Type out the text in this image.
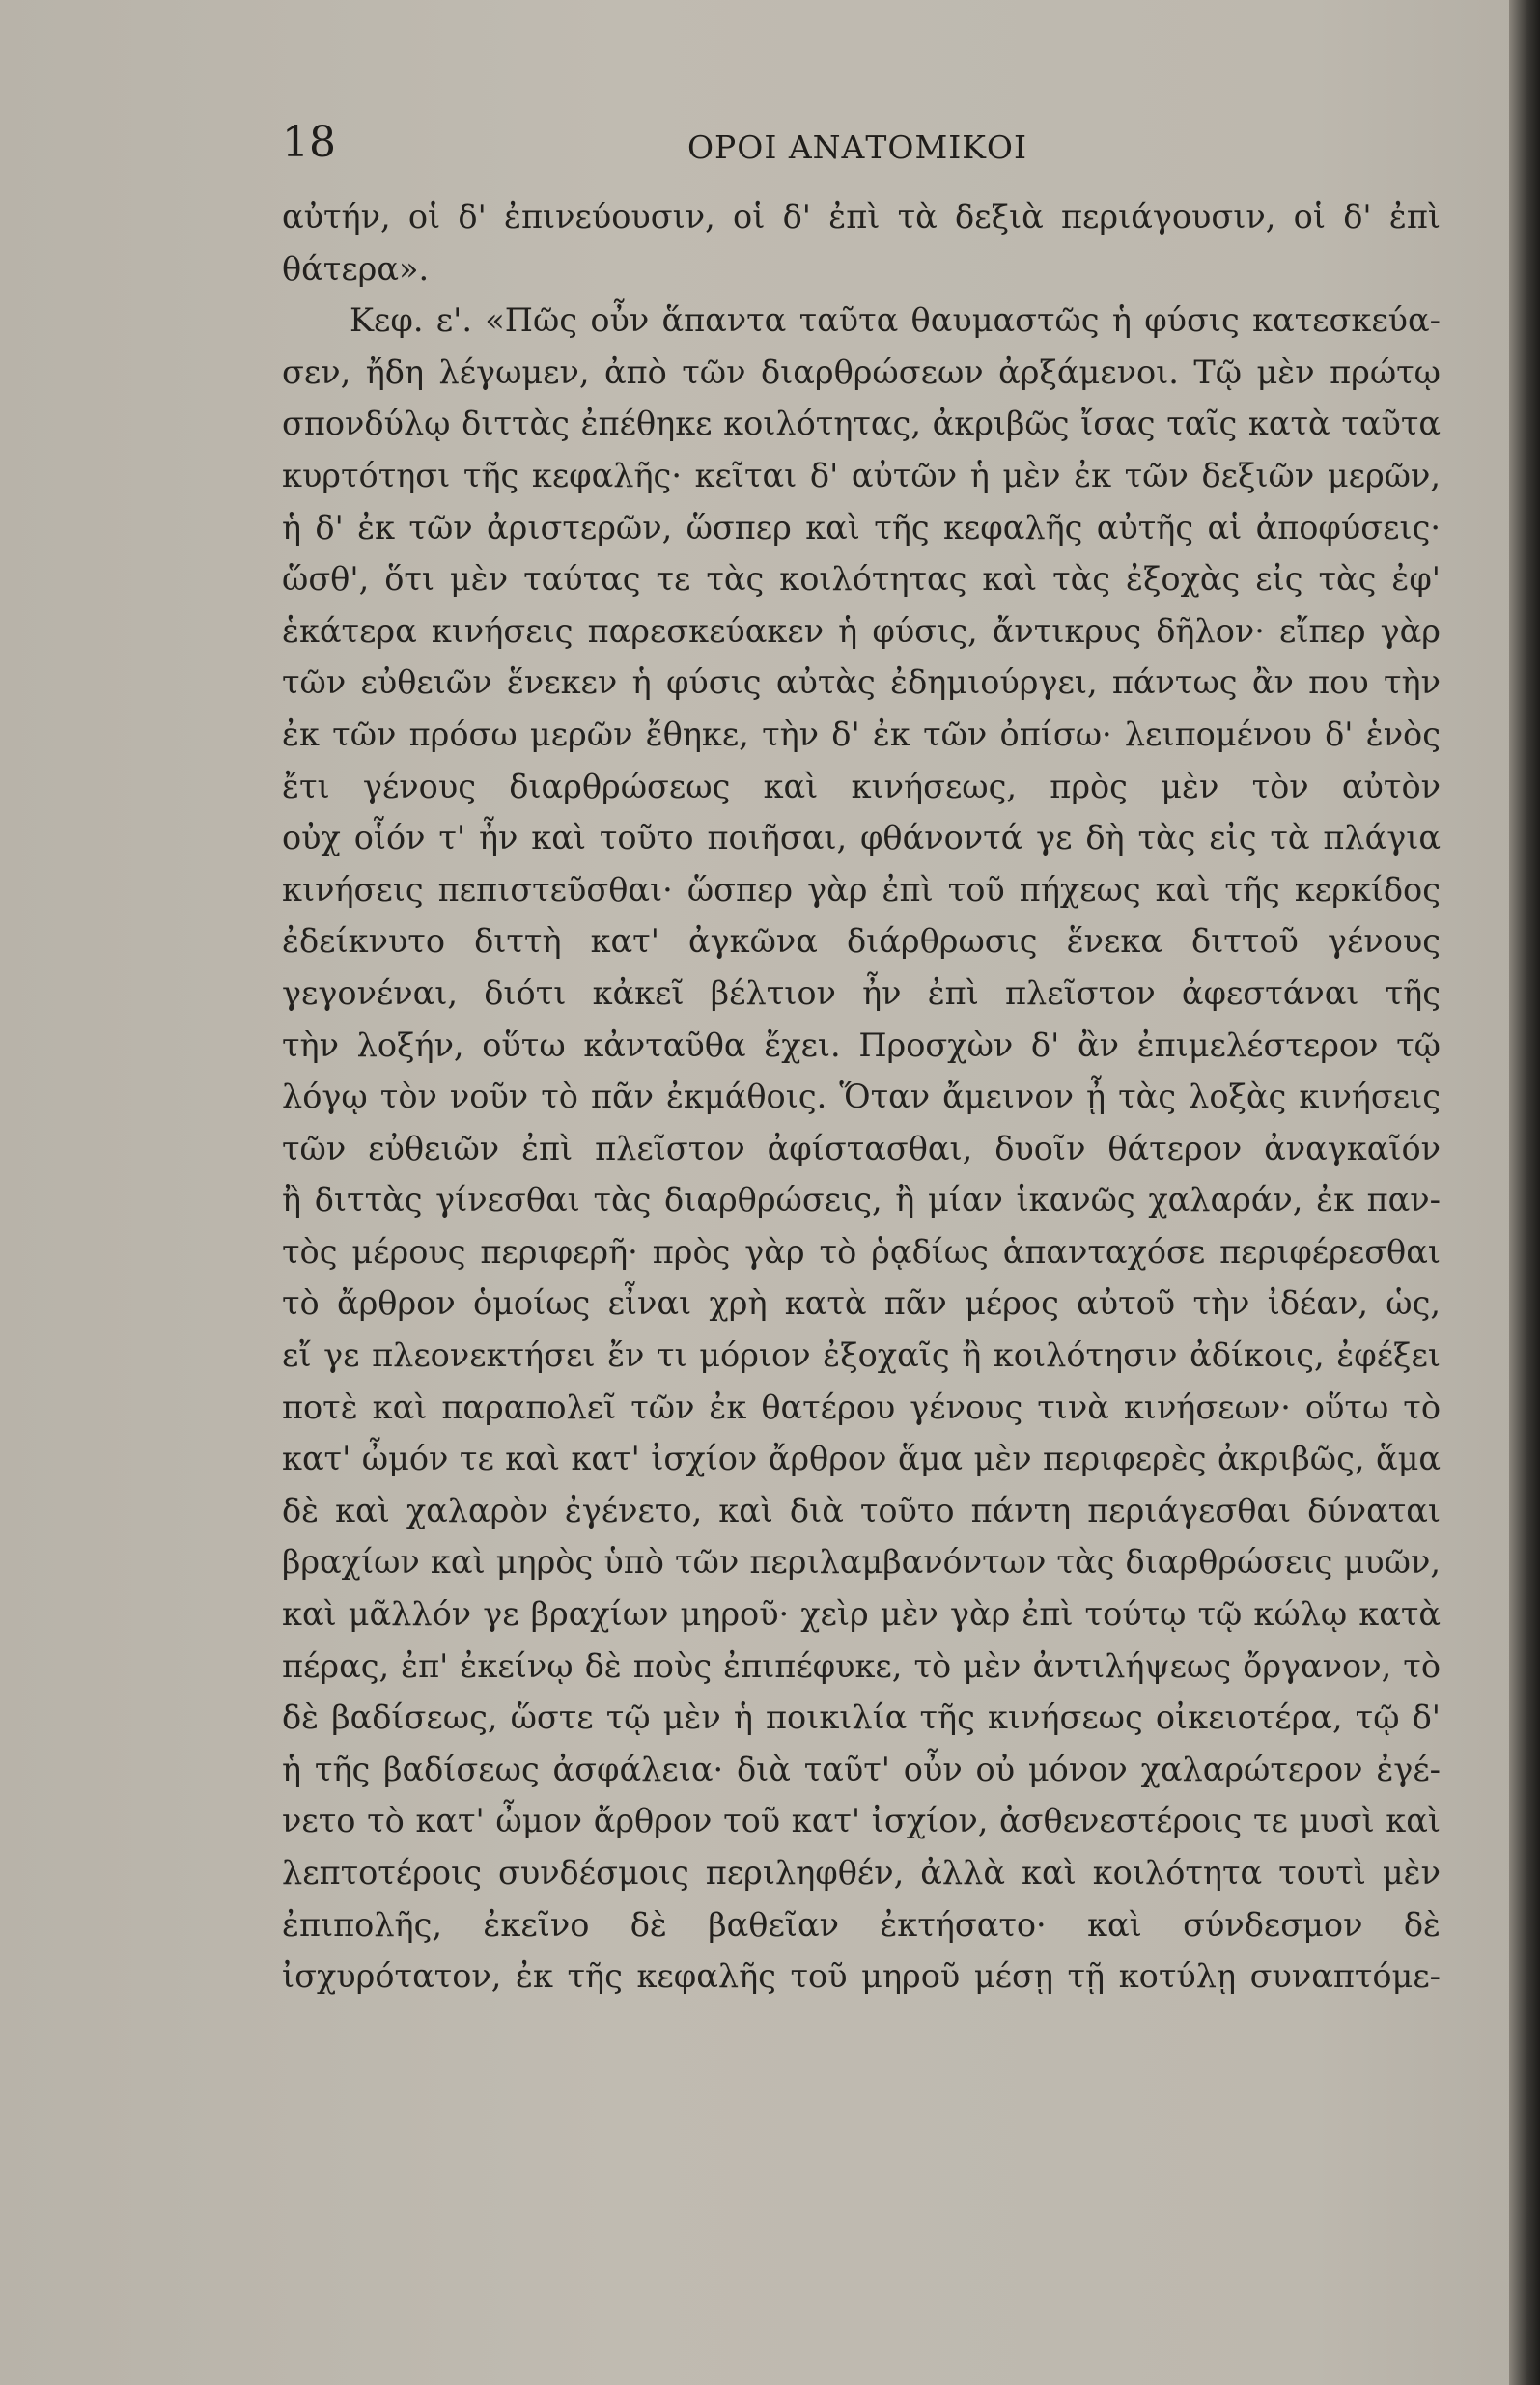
18	ΟΡΟΙ ΑΝΑΤΟΜΙΚΟΙ
αὐτήν, οἱ δ' ἐπινεύουσιν, οἱ δ' ἐπὶ τὰ δεξιὰ περιάγουσιν, οἱ δ' ἐπὶ
θάτερα».
Κεφ. ε'. «Πῶς οὖν ἅπαντα ταῦτα θαυμαστῶς ἡ φύσις κατεσκεύα-
σεν, ἤδη λέγωμεν, ἀπὸ τῶν διαρθρώσεων ἀρξάμενοι. Τῷ μὲν πρώτῳ
σπονδύλῳ διττὰς ἐπέθηκε κοιλότητας, ἀκριβῶς ἴσας ταῖς κατὰ ταῦτα
κυρτότησι τῆς κεφαλῆς· κεῖται δ' αὐτῶν ἡ μὲν ἐκ τῶν δεξιῶν μερῶν,
ἡ δ' ἐκ τῶν ἀριστερῶν, ὥσπερ καὶ τῆς κεφαλῆς αὐτῆς αἱ ἀποφύσεις·
ὥσθ', ὅτι μὲν ταύτας τε τὰς κοιλότητας καὶ τὰς ἐξοχὰς εἰς τὰς ἐφ'
ἑκάτερα κινήσεις παρεσκεύακεν ἡ φύσις, ἄντικρυς δῆλον· εἴπερ γὰρ
τῶν εὐθειῶν ἕνεκεν ἡ φύσις αὐτὰς ἐδημιούργει, πάντως ἂν που τὴν
ἐκ τῶν πρόσω μερῶν ἔθηκε, τὴν δ' ἐκ τῶν ὀπίσω· λειπομένου δ' ἑνὸς
ἔτι γένους διαρθρώσεως καὶ κινήσεως, πρὸς μὲν τὸν αὐτὸν
οὐχ οἷόν τ' ἦν καὶ τοῦτο ποιῆσαι, φθάνοντά γε δὴ τὰς εἰς τὰ πλάγια
κινήσεις πεπιστεῦσθαι· ὥσπερ γὰρ ἐπὶ τοῦ πήχεως καὶ τῆς κερκίδος
ἐδείκνυτο διττὴ κατ' ἀγκῶνα διάρθρωσις ἕνεκα διττοῦ γένους
γεγονέναι, διότι κἀκεῖ βέλτιον ἦν ἐπὶ πλεῖστον ἀφεστάναι τῆς
τὴν λοξήν, οὕτω κἀνταῦθα ἔχει. Προσχὼν δ' ἂν ἐπιμελέστερον τῷ
λόγῳ τὸν νοῦν τὸ πᾶν ἐκμάθοις. Ὅταν ἄμεινον ᾖ τὰς λοξὰς κινήσεις
τῶν εὐθειῶν ἐπὶ πλεῖστον ἀφίστασθαι, δυοῖν θάτερον ἀναγκαῖόν
ἢ διττὰς γίνεσθαι τὰς διαρθρώσεις, ἢ μίαν ἱκανῶς χαλαράν, ἐκ παν-
τὸς μέρους περιφερῆ· πρὸς γὰρ τὸ ῥᾳδίως ἁπανταχόσε περιφέρεσθαι
τὸ ἄρθρον ὁμοίως εἶναι χρὴ κατὰ πᾶν μέρος αὐτοῦ τὴν ἰδέαν, ὡς,
εἴ γε πλεονεκτήσει ἔν τι μόριον ἐξοχαῖς ἢ κοιλότησιν ἀδίκοις, ἐφέξει
ποτὲ καὶ παραπολεῖ τῶν ἐκ θατέρου γένους τινὰ κινήσεων· οὕτω τὸ
κατ' ὦμόν τε καὶ κατ' ἰσχίον ἄρθρον ἅμα μὲν περιφερὲς ἀκριβῶς, ἅμα
δὲ καὶ χαλαρὸν ἐγένετο, καὶ διὰ τοῦτο πάντη περιάγεσθαι δύναται
βραχίων καὶ μηρὸς ὑπὸ τῶν περιλαμβανόντων τὰς διαρθρώσεις μυῶν,
καὶ μᾶλλόν γε βραχίων μηροῦ· χεὶρ μὲν γὰρ ἐπὶ τούτῳ τῷ κώλῳ κατὰ
πέρας, ἐπ' ἐκείνῳ δὲ ποὺς ἐπιπέφυκε, τὸ μὲν ἀντιλήψεως ὄργανον, τὸ
δὲ βαδίσεως, ὥστε τῷ μὲν ἡ ποικιλία τῆς κινήσεως οἰκειοτέρα, τῷ δ'
ἡ τῆς βαδίσεως ἀσφάλεια· διὰ ταῦτ' οὖν οὐ μόνον χαλαρώτερον ἐγέ-
νετο τὸ κατ' ὦμον ἄρθρον τοῦ κατ' ἰσχίον, ἀσθενεστέροις τε μυσὶ καὶ
λεπτοτέροις συνδέσμοις περιληφθέν, ἀλλὰ καὶ κοιλότητα τουτὶ μὲν
ἐπιπολῆς, ἐκεῖνο δὲ βαθεῖαν ἐκτήσατο· καὶ σύνδεσμον δὲ
ἰσχυρότατον, ἐκ τῆς κεφαλῆς τοῦ μηροῦ μέσῃ τῇ κοτύλῃ συναπτόμε-
